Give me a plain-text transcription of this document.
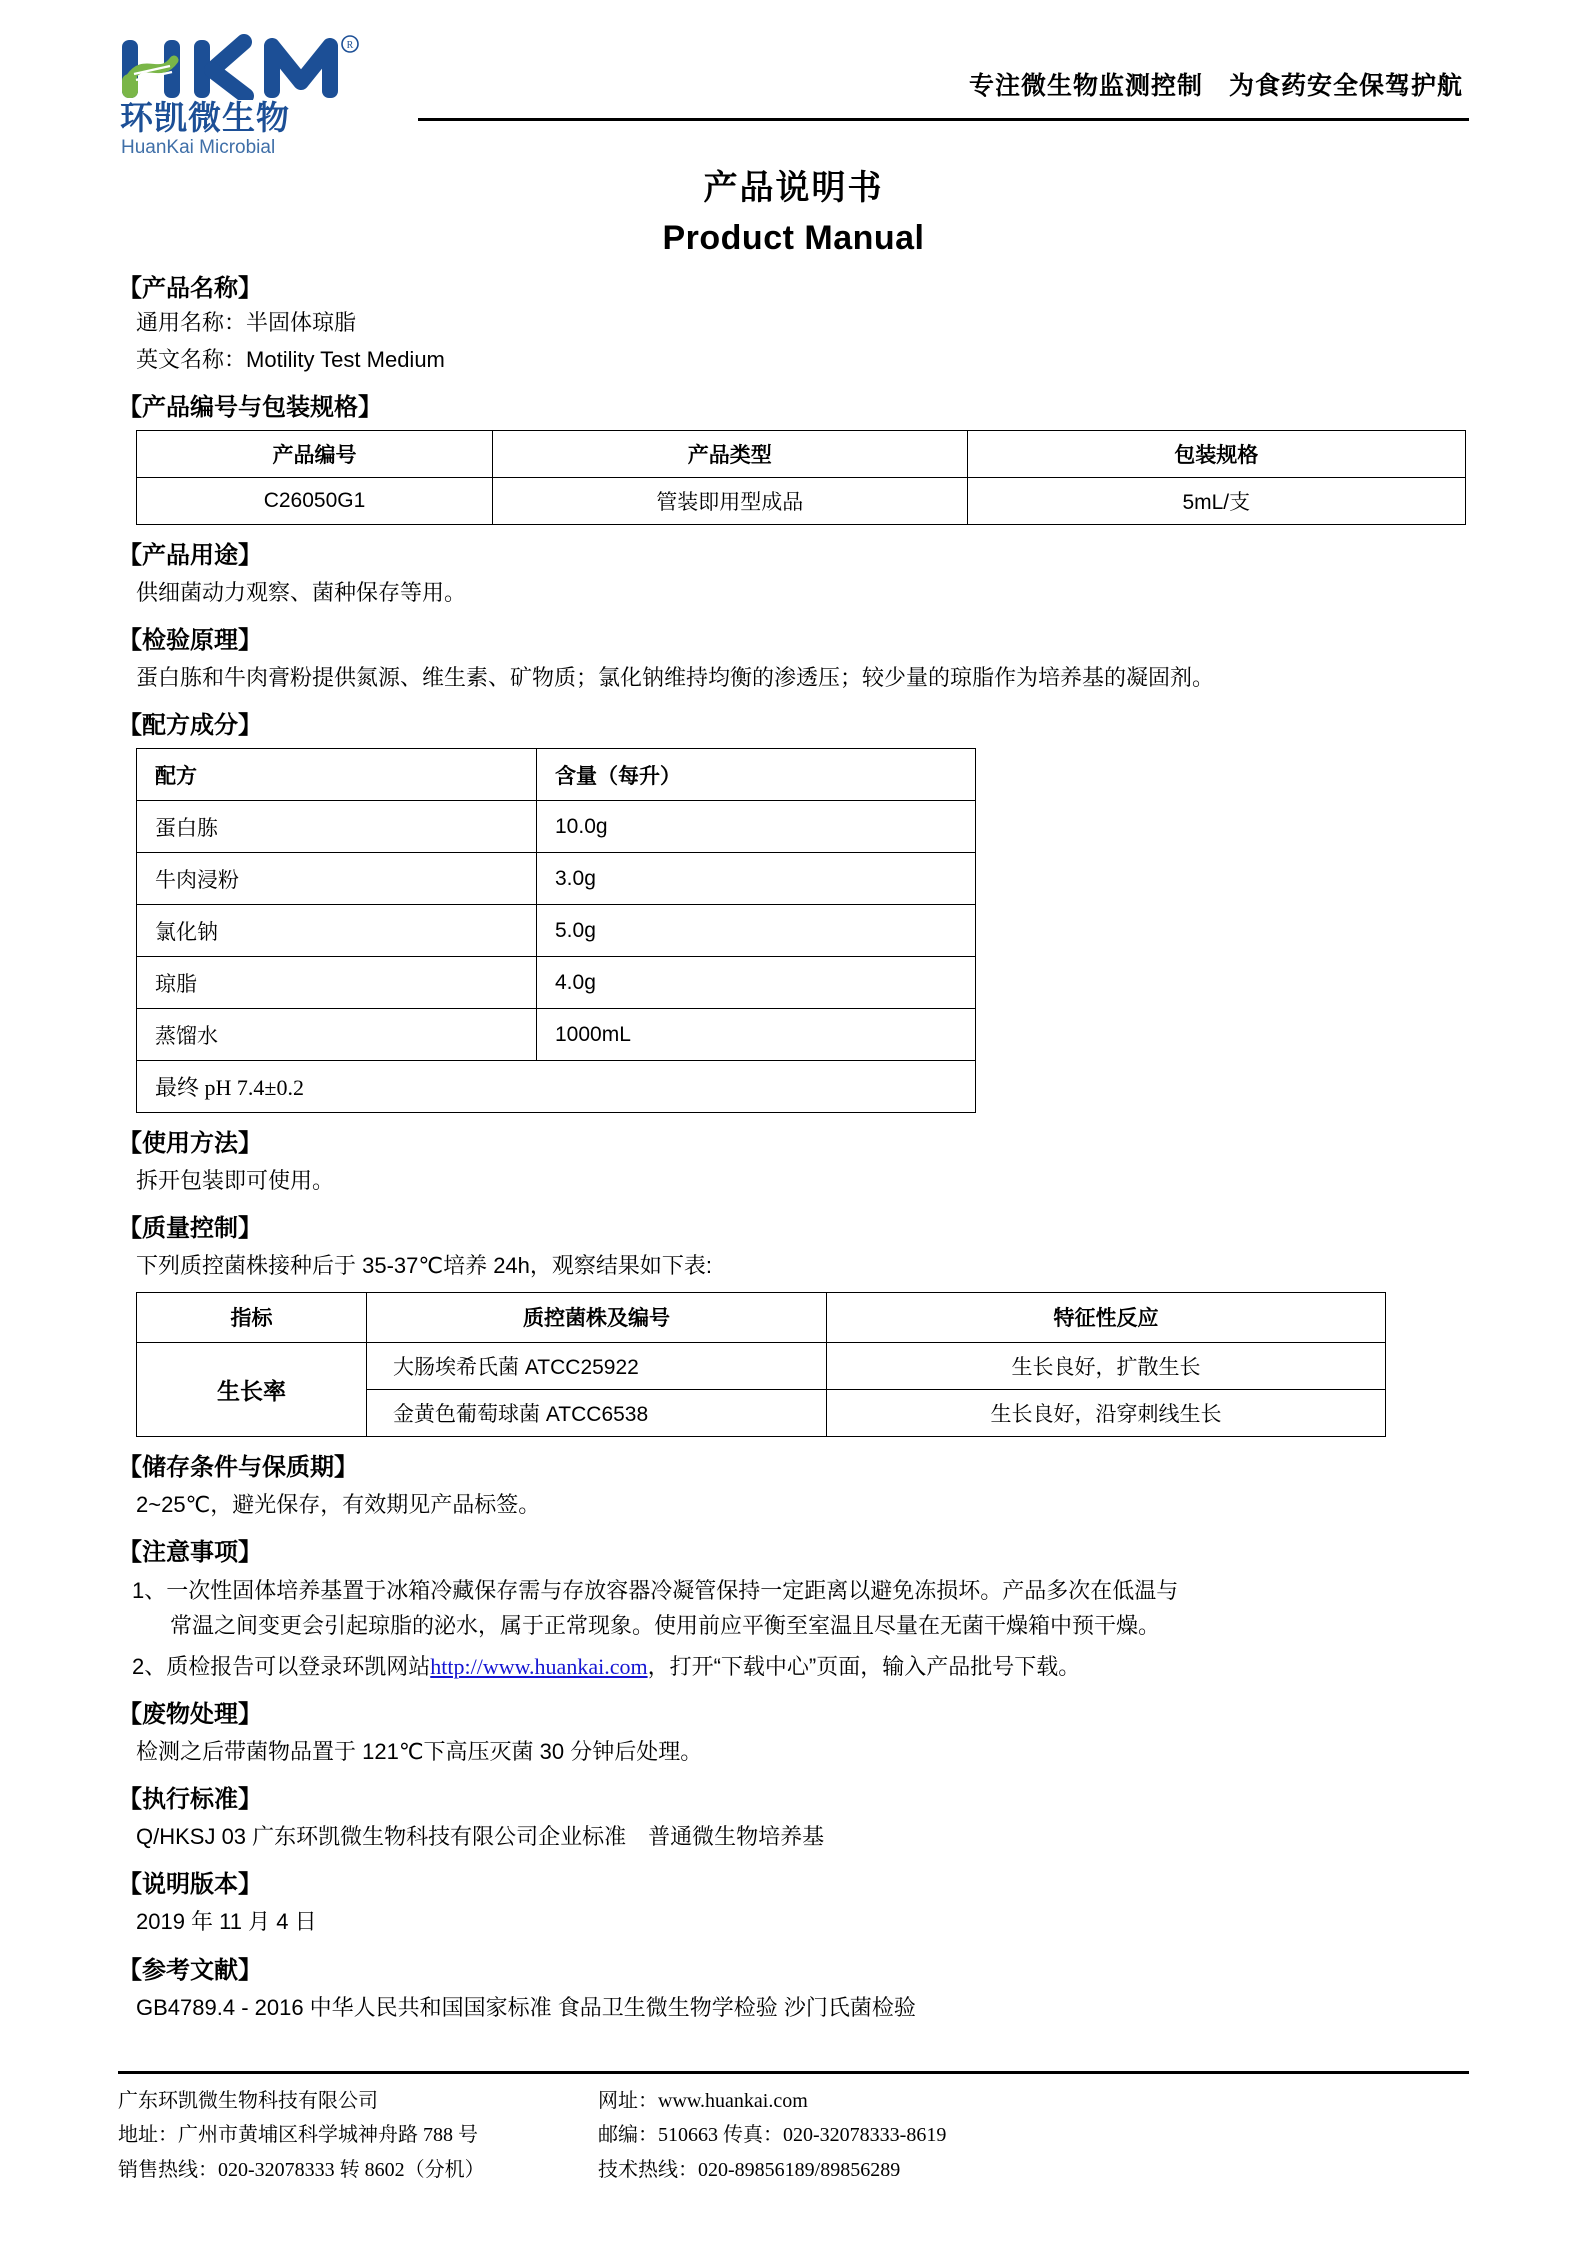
R
环凯微生物
HuanKai Microbial
专注微生物监测控制　为食药安全保驾护航
产品说明书
Product Manual
【产品名称】
通用名称：半固体琼脂
英文名称：Motility Test Medium
【产品编号与包装规格】
产品编号	产品类型	包装规格
C26050G1	管装即用型成品	5mL/支
【产品用途】
供细菌动力观察、菌种保存等用。
【检验原理】
蛋白胨和牛肉膏粉提供氮源、维生素、矿物质；氯化钠维持均衡的渗透压；较少量的琼脂作为培养基的凝固剂。
【配方成分】
配方	含量（每升）
蛋白胨	10.0g
牛肉浸粉	3.0g
氯化钠	5.0g
琼脂	4.0g
蒸馏水	1000mL
最终 pH 7.4±0.2	
【使用方法】
拆开包装即可使用。
【质量控制】
下列质控菌株接种后于 35-37℃培养 24h，观察结果如下表:
指标	质控菌株及编号	特征性反应
生长率	大肠埃希氏菌 ATCC25922	生长良好，扩散生长
	金黄色葡萄球菌 ATCC6538	生长良好，沿穿刺线生长
【储存条件与保质期】
2~25℃，避光保存，有效期见产品标签。
【注意事项】
1、一次性固体培养基置于冰箱冷藏保存需与存放容器冷凝管保持一定距离以避免冻损坏。产品多次在低温与
常温之间变更会引起琼脂的泌水，属于正常现象。使用前应平衡至室温且尽量在无菌干燥箱中预干燥。
2、质检报告可以登录环凯网站http://www.huankai.com，打开“下载中心”页面，输入产品批号下载。
【废物处理】
检测之后带菌物品置于 121℃下高压灭菌 30 分钟后处理。
【执行标准】
Q/HKSJ 03 广东环凯微生物科技有限公司企业标准　普通微生物培养基
【说明版本】
2019 年 11 月 4 日
【参考文献】
GB4789.4 - 2016 中华人民共和国国家标准 食品卫生微生物学检验 沙门氏菌检验
广东环凯微生物科技有限公司
地址：广州市黄埔区科学城神舟路 788 号
销售热线：020-32078333 转 8602（分机）
网址：www.huankai.com
邮编：510663 传真：020-32078333-8619
技术热线：020-89856189/89856289
